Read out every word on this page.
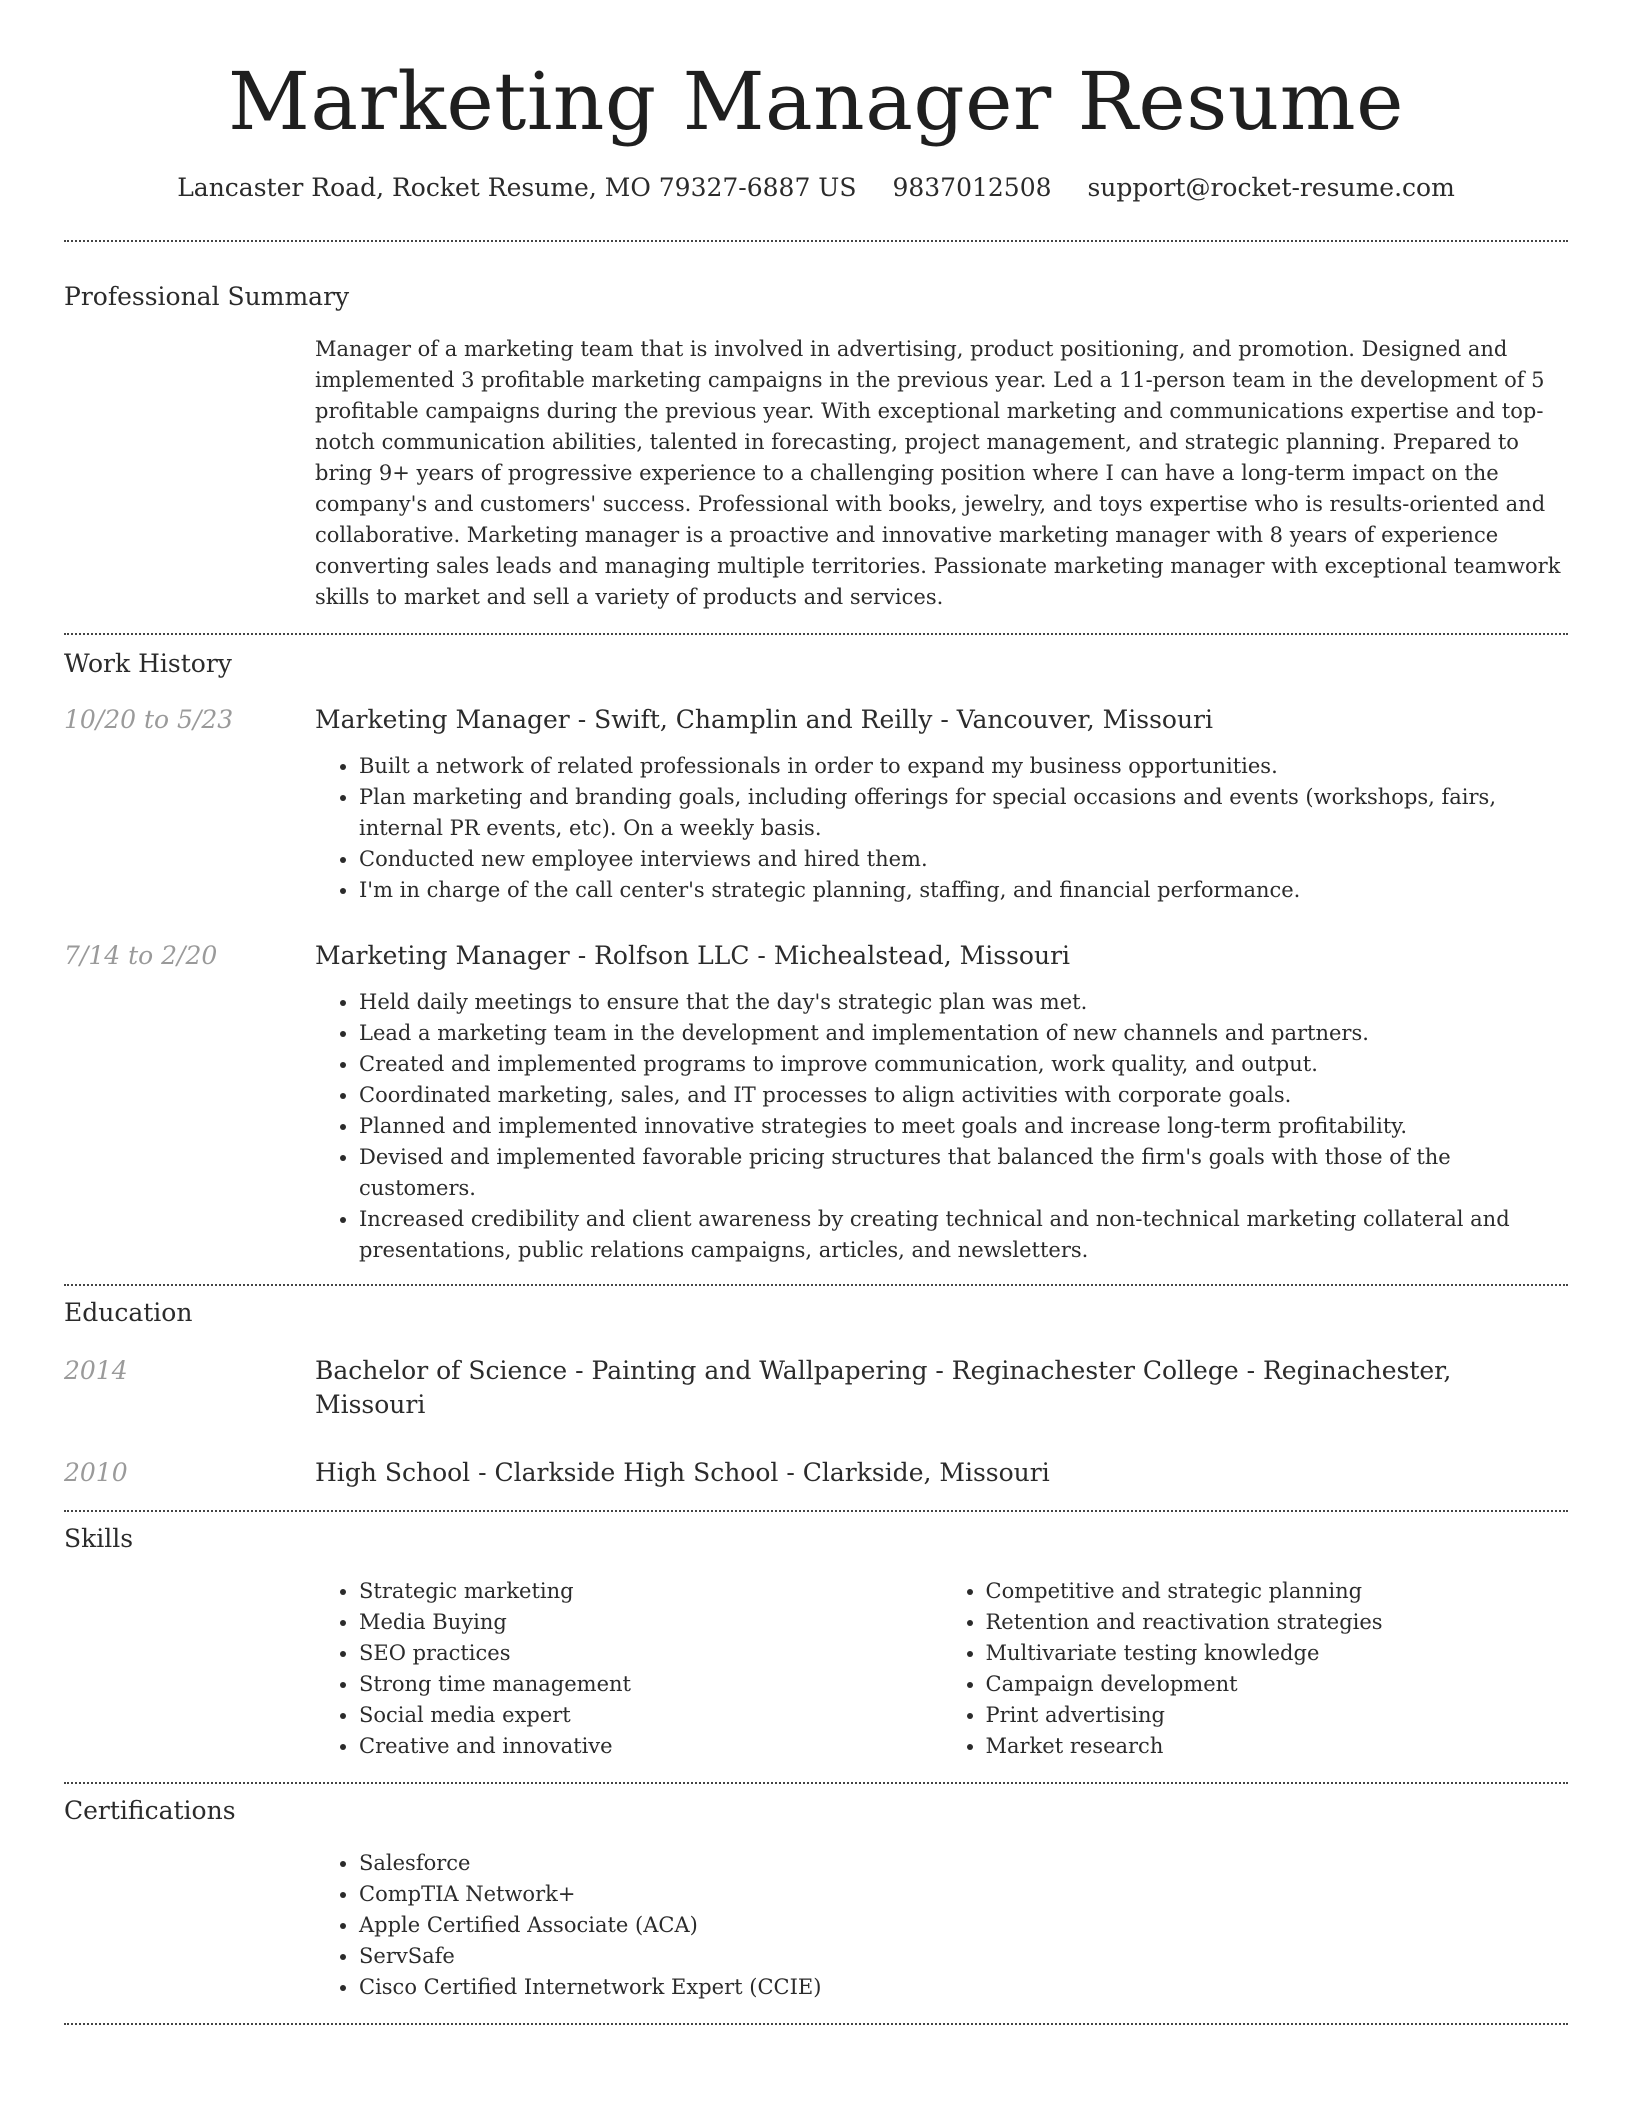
Marketing Manager Resume
Lancaster Road, Rocket Resume, MO 79327-6887 US 9837012508 support@rocket-resume.com
Professional Summary

Manager of a marketing team that is involved in advertising, product positioning, and promotion. Designed and implemented 3 profitable marketing campaigns in the previous year. Led a 11-person team in the development of 5 profitable campaigns during the previous year. With exceptional marketing and communications expertise and top-notch communication abilities, talented in forecasting, project management, and strategic planning. Prepared to bring 9+ years of progressive experience to a challenging position where I can have a long-term impact on the company's and customers' success. Professional with books, jewelry, and toys expertise who is results-oriented and collaborative. Marketing manager is a proactive and innovative marketing manager with 8 years of experience converting sales leads and managing multiple territories. Passionate marketing manager with exceptional teamwork skills to market and sell a variety of products and services.

Work History
10/20 to 5/23	Marketing Manager - Swift, Champlin and Reilly - Vancouver, Missouri
• Built a network of related professionals in order to expand my business opportunities.
• Plan marketing and branding goals, including offerings for special occasions and events (workshops, fairs, internal PR events, etc). On a weekly basis.
• Conducted new employee interviews and hired them.
• I'm in charge of the call center's strategic planning, staffing, and financial performance.
7/14 to 2/20	Marketing Manager - Rolfson LLC - Michealstead, Missouri
• Held daily meetings to ensure that the day's strategic plan was met.
• Lead a marketing team in the development and implementation of new channels and partners.
• Created and implemented programs to improve communication, work quality, and output.
• Coordinated marketing, sales, and IT processes to align activities with corporate goals.
• Planned and implemented innovative strategies to meet goals and increase long-term profitability.
• Devised and implemented favorable pricing structures that balanced the firm's goals with those of the customers.
• Increased credibility and client awareness by creating technical and non-technical marketing collateral and presentations, public relations campaigns, articles, and newsletters.
Education
2014	Bachelor of Science - Painting and Wallpapering - Reginachester College - Reginachester, Missouri
2010	High School - Clarkside High School - Clarkside, Missouri
Skills
• Strategic marketing
• Media Buying
• SEO practices
• Strong time management
• Social media expert
• Creative and innovative
• Competitive and strategic planning
• Retention and reactivation strategies
• Multivariate testing knowledge
• Campaign development
• Print advertising
• Market research
Certifications
• Salesforce
• CompTIA Network+
• Apple Certified Associate (ACA)
• ServSafe
• Cisco Certified Internetwork Expert (CCIE)
